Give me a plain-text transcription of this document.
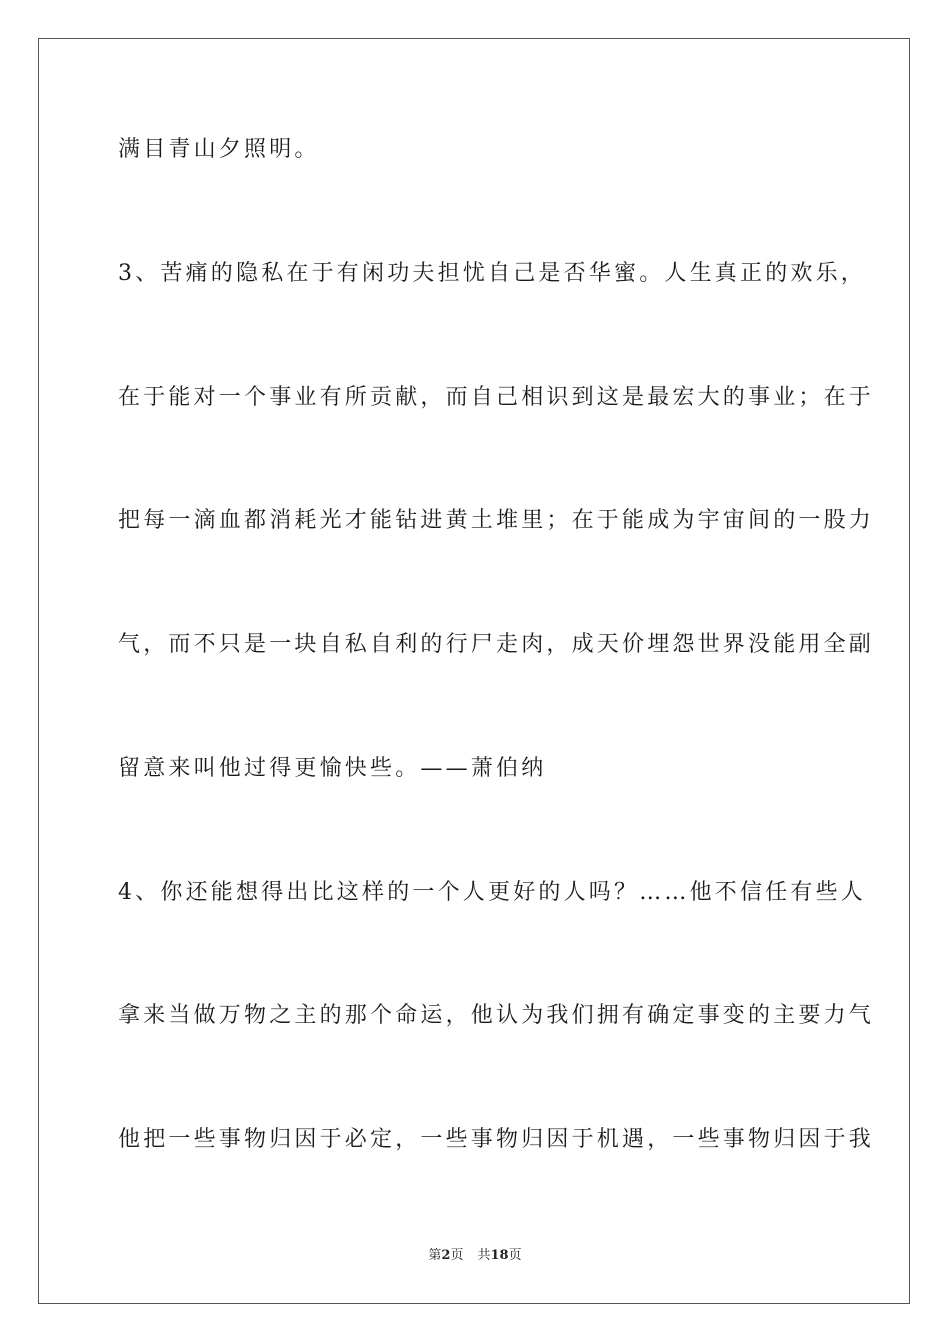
满目青山夕照明。

3、苦痛的隐私在于有闲功夫担忧自己是否华蜜。人生真正的欢乐，

在于能对一个事业有所贡献，而自己相识到这是最宏大的事业；在于

把每一滴血都消耗光才能钻进黄土堆里；在于能成为宇宙间的一股力

气，而不只是一块自私自利的行尸走肉，成天价埋怨世界没能用全副

留意来叫他过得更愉快些。——萧伯纳

4、你还能想得出比这样的一个人更好的人吗？……他不信任有些人

拿来当做万物之主的那个命运，他认为我们拥有确定事变的主要力气

他把一些事物归因于必定，一些事物归因于机遇，一些事物归因于我

第2页 共18页
